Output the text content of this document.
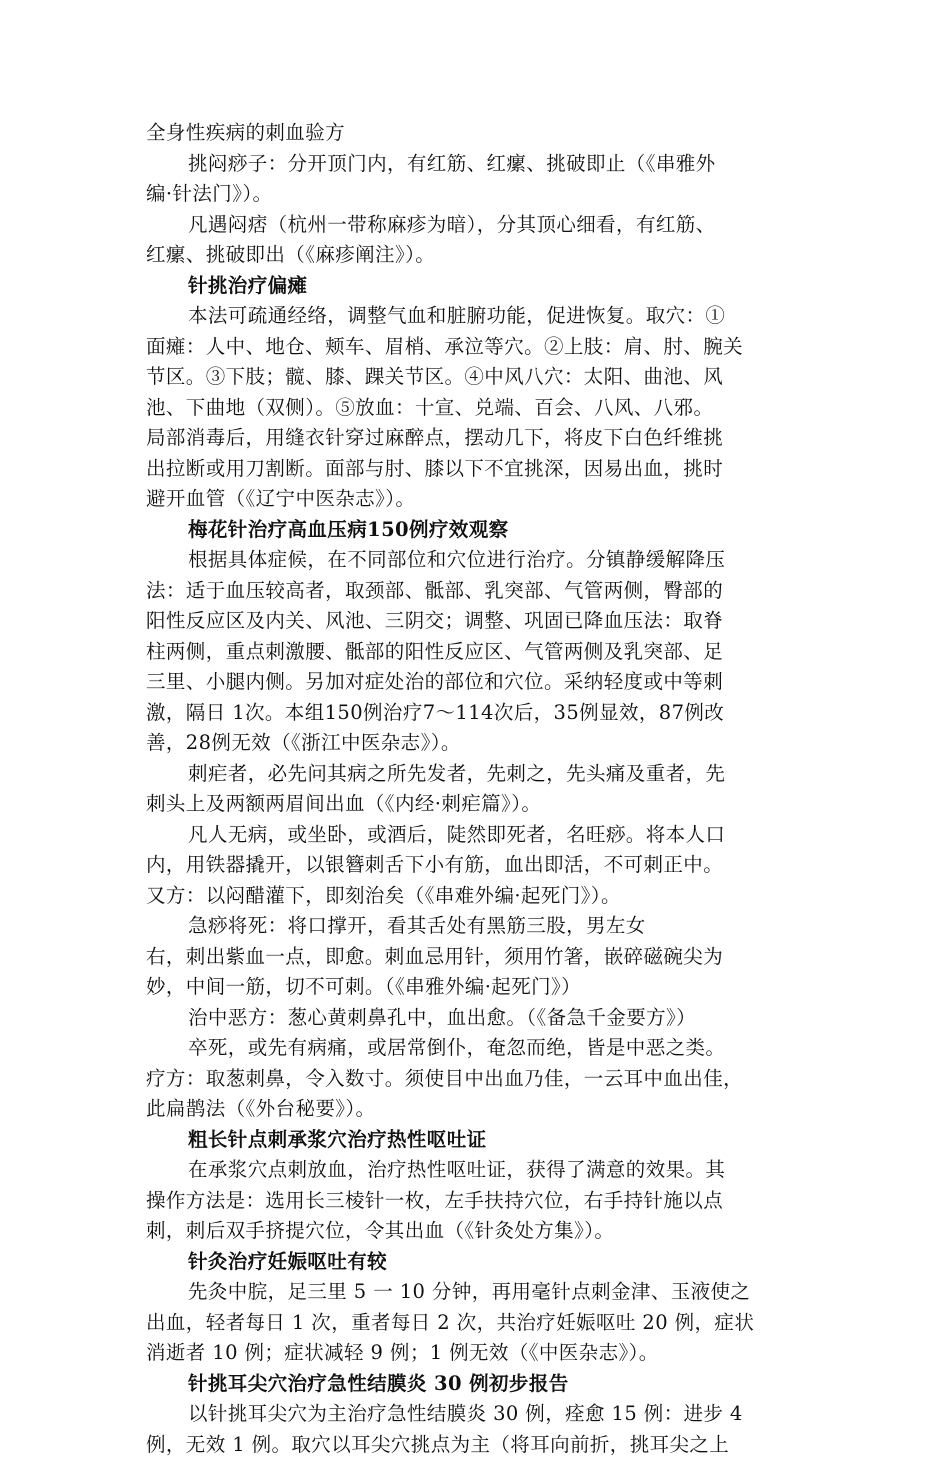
全身性疾病的刺血验方
挑闷痧子：分开顶门内，有红筋、红瘰、挑破即止（《串雅外
编·针法门》）。
凡遇闷痞（杭州一带称麻疹为暗），分其顶心细看，有红筋、
红瘰、挑破即出（《麻疹阐注》）。
针挑治疗偏瘫
本法可疏通经络，调整气血和脏腑功能，促进恢复。取穴：①
面瘫：人中、地仓、颊车、眉梢、承泣等穴。②上肢：肩、肘、腕关
节区。③下肢；髋、膝、踝关节区。④中风八穴：太阳、曲池、风
池、下曲地（双侧）。⑤放血：十宣、兑端、百会、八风、八邪。
局部消毒后，用缝衣针穿过麻醉点，摆动几下，将皮下白色纤维挑
出拉断或用刀割断。面部与肘、膝以下不宜挑深，因易出血，挑时
避开血管（《辽宁中医杂志》）。
梅花针治疗高血压病150例疗效观察
根据具体症候，在不同部位和穴位进行治疗。分镇静缓解降压
法：适于血压较高者，取颈部、骶部、乳突部、气管两侧，臀部的
阳性反应区及内关、风池、三阴交；调整、巩固已降血压法：取脊
柱两侧，重点刺激腰、骶部的阳性反应区、气管两侧及乳突部、足
三里、小腿内侧。另加对症处治的部位和穴位。采纳轻度或中等刺
激，隔日 1次。本组150例治疗7～114次后，35例显效，87例改
善，28例无效（《浙江中医杂志》）。
刺疟者，必先问其病之所先发者，先刺之，先头痛及重者，先
刺头上及两额两眉间出血（《内经·刺疟篇》）。
凡人无病，或坐卧，或酒后，陡然即死者，名旺痧。将本人口
内，用铁器撬开，以银簪刺舌下小有筋，血出即活，不可刺正中。
又方：以闷醋灌下，即刻治矣（《串难外编·起死门》）。
急痧将死：将口撑开，看其舌处有黑筋三股，男左女
右，刺出紫血一点，即愈。刺血忌用针，须用竹箸，嵌碎磁碗尖为
妙，中间一筋，切不可刺。（《串雅外编·起死门》）
治中恶方：葱心黄刺鼻孔中，血出愈。（《备急千金要方》）
卒死，或先有病痛，或居常倒仆，奄忽而绝，皆是中恶之类。
疗方：取葱刺鼻，令入数寸。须使目中出血乃佳，一云耳中血出佳，
此扁鹊法（《外台秘要》）。
粗长针点刺承浆穴治疗热性呕吐证
在承浆穴点刺放血，治疗热性呕吐证，获得了满意的效果。其
操作方法是：选用长三棱针一枚，左手扶持穴位，右手持针施以点
刺，刺后双手挤提穴位，令其出血（《针灸处方集》）。
针灸治疗妊娠呕吐有较
先灸中脘，足三里 5 一 10 分钟，再用毫针点刺金津、玉液使之
出血，轻者每日 1 次，重者每日 2 次，共治疗妊娠呕吐 20 例，症状
消逝者 10 例；症状减轻 9 例；1 例无效（《中医杂志》）。
针挑耳尖穴治疗急性结膜炎 30 例初步报告
以针挑耳尖穴为主治疗急性结膜炎 30 例，痊愈 15 例：进步 4
例，无效 1 例。取穴以耳尖穴挑点为主（将耳向前折，挑耳尖之上
